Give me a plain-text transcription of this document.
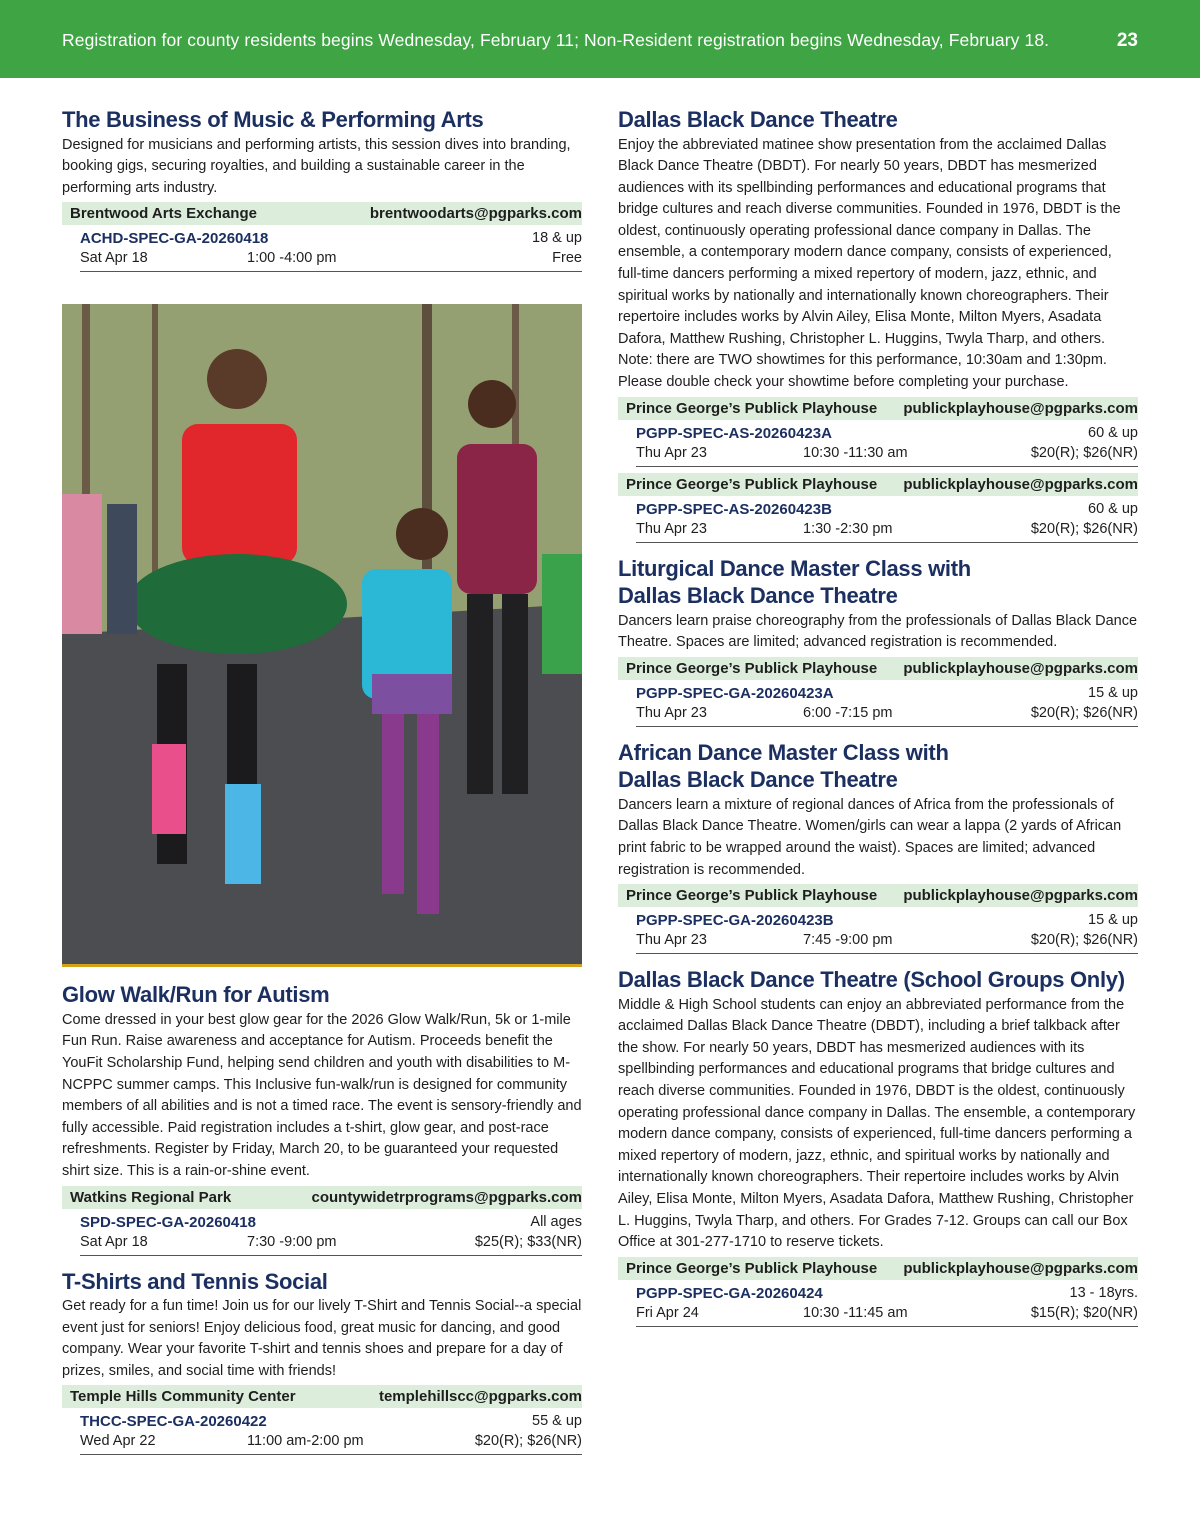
Registration for county residents begins Wednesday, February 11; Non-Resident registration begins Wednesday, February 18.	23
The Business of Music & Performing Arts

Designed for musicians and performing artists, this session dives into branding, booking gigs, securing royalties, and building a sustainable career in the performing arts industry.

Brentwood Arts Exchange	brentwoodarts@pgparks.com
ACHD-SPEC-GA-20260418	18 & up
Sat Apr 18	1:00 -4:00 pm	Free
Glow Walk/Run for Autism

Come dressed in your best glow gear for the 2026 Glow Walk/Run, 5k or 1-mile Fun Run. Raise awareness and acceptance for Autism. Proceeds benefit the YouFit Scholarship Fund, helping send children and youth with disabilities to M-NCPPC summer camps. This Inclusive fun-walk/run is designed for community members of all abilities and is not a timed race. The event is sensory-friendly and fully accessible. Paid registration includes a t-shirt, glow gear, and post-race refreshments. Register by Friday, March 20, to be guaranteed your requested shirt size. This is a rain-or-shine event.

Watkins Regional Park	countywidetrprograms@pgparks.com
SPD-SPEC-GA-20260418	All ages
Sat Apr 18	7:30 -9:00 pm	$25(R); $33(NR)
T-Shirts and Tennis Social

Get ready for a fun time! Join us for our lively T-Shirt and Tennis Social--a special event just for seniors! Enjoy delicious food, great music for dancing, and good company. Wear your favorite T-shirt and tennis shoes and prepare for a day of prizes, smiles, and social time with friends!

Temple Hills Community Center	templehillscc@pgparks.com
THCC-SPEC-GA-20260422	55 & up
Wed Apr 22	11:00 am-2:00 pm	$20(R); $26(NR)
Dallas Black Dance Theatre

Enjoy the abbreviated matinee show presentation from the acclaimed Dallas Black Dance Theatre (DBDT). For nearly 50 years, DBDT has mesmerized audiences with its spellbinding performances and educational programs that bridge cultures and reach diverse communities. Founded in 1976, DBDT is the oldest, continuously operating professional dance company in Dallas. The ensemble, a contemporary modern dance company, consists of experienced, full-time dancers performing a mixed repertory of modern, jazz, ethnic, and spiritual works by nationally and internationally known choreographers. Their repertoire includes works by Alvin Ailey, Elisa Monte, Milton Myers, Asadata Dafora, Matthew Rushing, Christopher L. Huggins, Twyla Tharp, and others. Note: there are TWO showtimes for this performance, 10:30am and 1:30pm. Please double check your showtime before completing your purchase.

Prince George’s Publick Playhouse publickplayhouse@pgparks.com
PGPP-SPEC-AS-20260423A	60 & up
Thu Apr 23	10:30 -11:30 am	$20(R); $26(NR)
Prince George’s Publick Playhouse publickplayhouse@pgparks.com
PGPP-SPEC-AS-20260423B	60 & up
Thu Apr 23	1:30 -2:30 pm	$20(R); $26(NR)
Liturgical Dance Master Class with
Dallas Black Dance Theatre

Dancers learn praise choreography from the professionals of Dallas Black Dance Theatre. Spaces are limited; advanced registration is recommended.

Prince George’s Publick Playhouse publickplayhouse@pgparks.com
PGPP-SPEC-GA-20260423A	15 & up
Thu Apr 23	6:00 -7:15 pm	$20(R); $26(NR)
African Dance Master Class with
Dallas Black Dance Theatre

Dancers learn a mixture of regional dances of Africa from the professionals of Dallas Black Dance Theatre. Women/girls can wear a lappa (2 yards of African print fabric to be wrapped around the waist). Spaces are limited; advanced registration is recommended.

Prince George’s Publick Playhouse publickplayhouse@pgparks.com
PGPP-SPEC-GA-20260423B	15 & up
Thu Apr 23	7:45 -9:00 pm	$20(R); $26(NR)
Dallas Black Dance Theatre (School Groups Only)

Middle & High School students can enjoy an abbreviated performance from the acclaimed Dallas Black Dance Theatre (DBDT), including a brief talkback after the show. For nearly 50 years, DBDT has mesmerized audiences with its spellbinding performances and educational programs that bridge cultures and reach diverse communities. Founded in 1976, DBDT is the oldest, continuously operating professional dance company in Dallas. The ensemble, a contemporary modern dance company, consists of experienced, full-time dancers performing a mixed repertory of modern, jazz, ethnic, and spiritual works by nationally and internationally known choreographers. Their repertoire includes works by Alvin Ailey, Elisa Monte, Milton Myers, Asadata Dafora, Matthew Rushing, Christopher L. Huggins, Twyla Tharp, and others. For Grades 7-12. Groups can call our Box Office at 301-277-1710 to reserve tickets.

Prince George’s Publick Playhouse publickplayhouse@pgparks.com
PGPP-SPEC-GA-20260424	13 - 18yrs.
Fri Apr 24	10:30 -11:45 am	$15(R); $20(NR)
